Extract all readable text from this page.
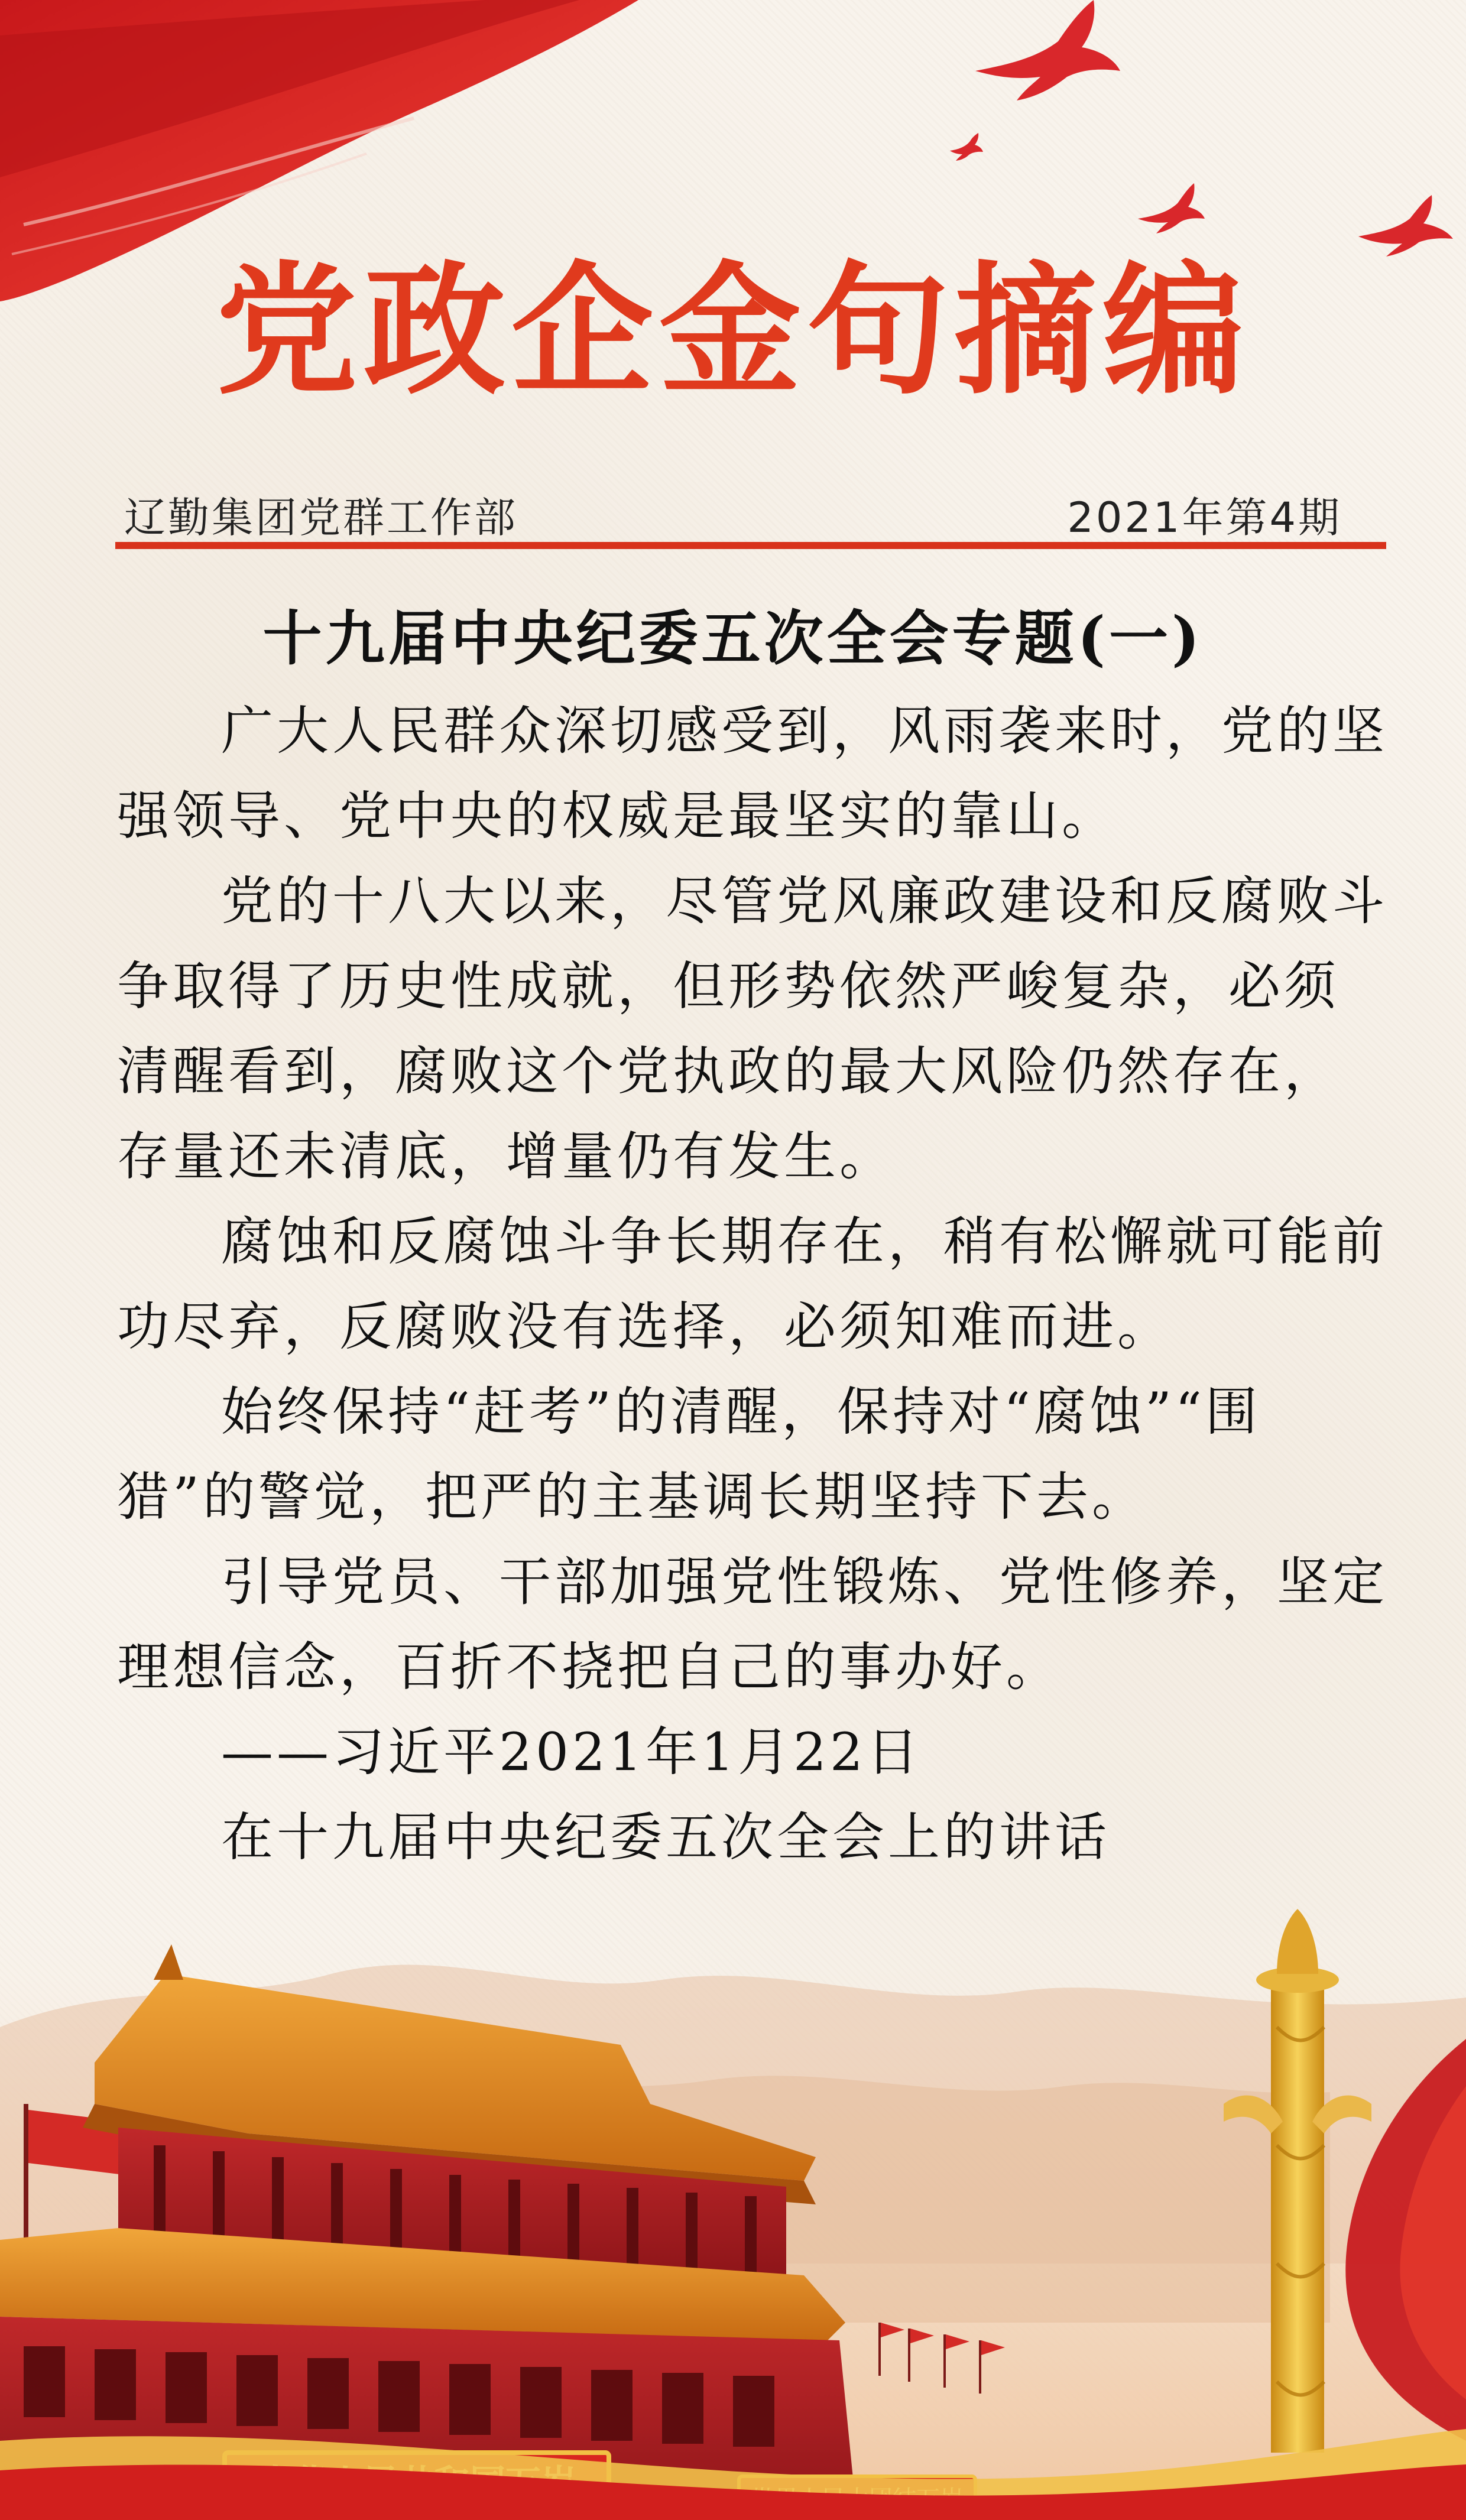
党政企金句摘编
辽勤集团党群工作部	2021年第4期
十九届中央纪委五次全会专题(一)

广大人民群众深切感受到，风雨袭来时，党的坚强领导、党中央的权威是最坚实的靠山。

党的十八大以来，尽管党风廉政建设和反腐败斗争取得了历史性成就，但形势依然严峻复杂，必须清醒看到，腐败这个党执政的最大风险仍然存在，存量还未清底，增量仍有发生。

腐蚀和反腐蚀斗争长期存在，稍有松懈就可能前功尽弃，反腐败没有选择，必须知难而进。

始终保持“赶考”的清醒，保持对“腐蚀”“围猎”的警觉，把严的主基调长期坚持下去。

引导党员、干部加强党性锻炼、党性修养，坚定理想信念，百折不挠把自己的事办好。

——习近平2021年1月22日
在十九届中央纪委五次全会上的讲话
